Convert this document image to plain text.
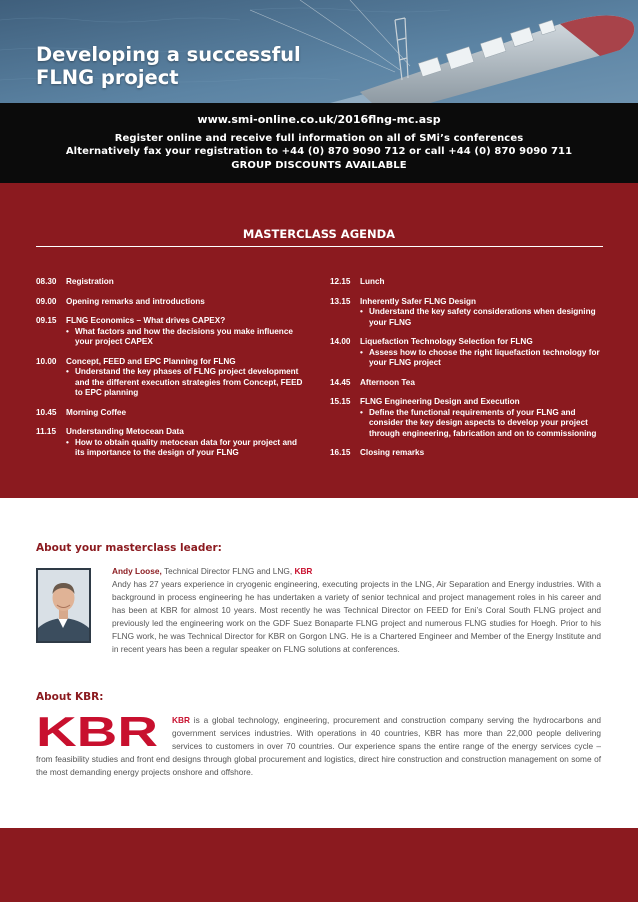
Developing a successful
FLNG project
www.smi-online.co.uk/2016flng-mc.asp
Register online and receive full information on all of SMi’s conferences
Alternatively fax your registration to +44 (0) 870 9090 712 or call +44 (0) 870 9090 711
GROUP DISCOUNTS AVAILABLE
MASTERCLASS AGENDA
08.30	Registration
09.00	Opening remarks and introductions
09.15	FLNG Economics – What drives CAPEX?
• What factors and how the decisions you make influence your project CAPEX
10.00	Concept, FEED and EPC Planning for FLNG
• Understand the key phases of FLNG project development and the different execution strategies from Concept, FEED to EPC planning
10.45	Morning Coffee
11.15	Understanding Metocean Data
• How to obtain quality metocean data for your project and its importance to the design of your FLNG
12.15	Lunch
13.15	Inherently Safer FLNG Design
• Understand the key safety considerations when designing your FLNG
14.00	Liquefaction Technology Selection for FLNG
• Assess how to choose the right liquefaction technology for your FLNG project
14.45	Afternoon Tea
15.15	FLNG Engineering Design and Execution
• Define the functional requirements of your FLNG and consider the key design aspects to develop your project through engineering, fabrication and on to commissioning
16.15	Closing remarks
About your masterclass leader:
Andy Loose, Technical Director FLNG and LNG, KBR
Andy has 27 years experience in cryogenic engineering, executing projects in the LNG, Air Separation and Energy industries. With a background in process engineering he has undertaken a variety of senior technical and project management roles in his career and has been at KBR for almost 10 years. Most recently he was Technical Director on FEED for Eni’s Coral South FLNG project and previously led the engineering work on the GDF Suez Bonaparte FLNG project and numerous FLNG studies for Hoegh. Prior to his FLNG work, he was Technical Director for KBR on Gorgon LNG. He is a Chartered Engineer and Member of the Energy Institute and in recent years has been a regular speaker on FLNG solutions at conferences.
About KBR:
KBR is a global technology, engineering, procurement and construction company serving the hydrocarbons and government services industries. With operations in 40 countries, KBR has more than 22,000 people delivering services to customers in over 70 countries. Our experience spans the entire range of the energy services cycle – from feasibility studies and front end designs through global procurement and logistics, direct hire construction and construction management on some of the most demanding energy projects onshore and offshore.
KBR
